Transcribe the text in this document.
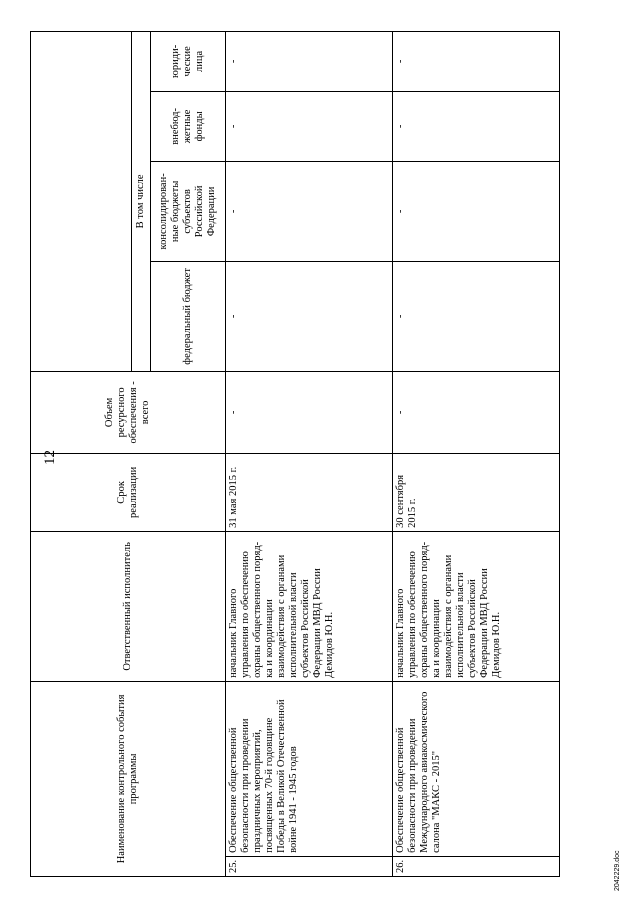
12
Наименование контрольного события программы		Ответственный исполнитель	Срок реализации	Объем ресурсного обеспечения - всего				
					В том числе			
					федеральный бюджет	консолидирован-ные бюджеты субъектов Российской Федерации	внебюд-жетные фонды	юриди-ческие лица
25.	Обеспечение общественной безопасности при проведении праздничных мероприятий, посвященных 70-й годовщине Победы в Великой Отечественной войне 1941 - 1945 годов	начальник Главного управления по обеспечению охраны общественного поряд-ка и координации взаимодействия с органами исполнительной власти субъектов Российской Федерации МВД России Демидов Ю.Н.	31 мая 2015 г.	-	-	-	-	-
26.	Обеспечение общественной безопасности при проведении Международного авиакосмического салона "МАКС - 2015"	начальник Главного управления по обеспечению охраны общественного поряд-ка и координации взаимодействия с органами исполнительной власти субъектов Российской Федерации МВД России Демидов Ю.Н.	30 сентября 2015 г.	-	-	-	-	-
2042229.doc
